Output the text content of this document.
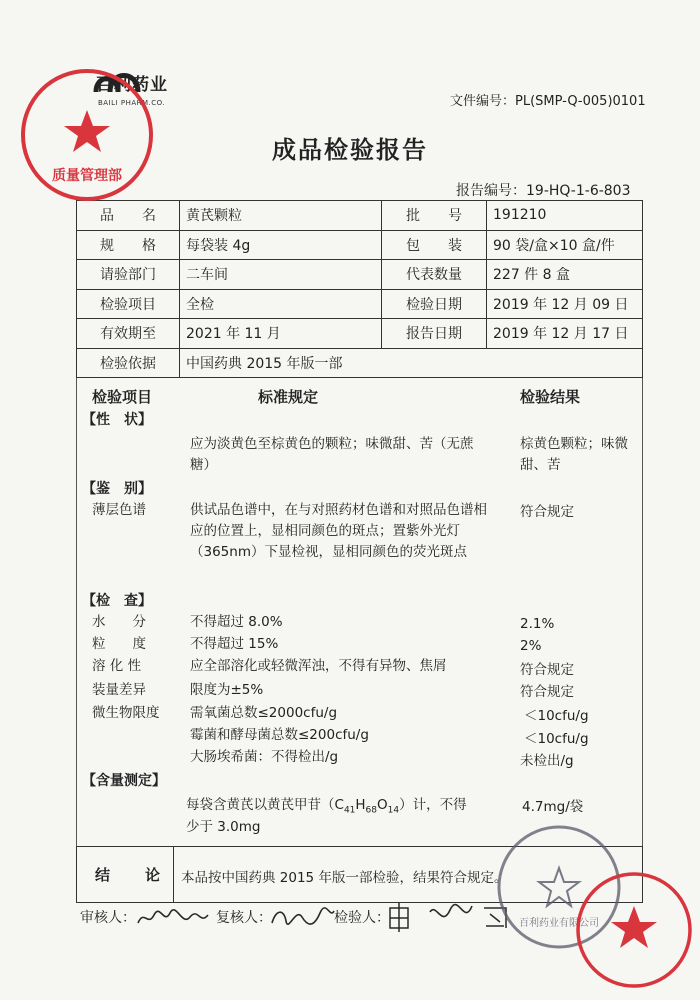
百利药业
BAILI PHARM.CO.	文件编号：PL(SMP-Q-005)0101
成品检验报告
报告编号：19-HQ-1-6-803
品　　名	黄芪颗粒	批　　号	191210
规　　格	每袋装 4g	包　　装	90 袋/盒×10 盒/件
请验部门	二车间	代表数量	227 件 8 盒
检验项目	全检	检验日期	2019 年 12 月 09 日
有效期至	2021 年 11 月	报告日期	2019 年 12 月 17 日
检验依据	中国药典 2015 年版一部		
检验项目	标准规定	检验结果
【性　状】
应为淡黄色至棕黄色的颗粒；味微甜、苦（无蔗糖）
棕黄色颗粒；味微甜、苦
【鉴　别】
薄层色谱	供试品色谱中，在与对照药材色谱和对照品色谱相应的位置上，显相同颜色的斑点；置紫外光灯（365nm）下显检视，显相同颜色的荧光斑点
符合规定
【检　查】
水　　分	不得超过 8.0%	2.1%
粒　　度	不得超过 15%	2%
溶 化 性	应全部溶化或轻微浑浊，不得有异物、焦屑	符合规定
装量差异	限度为±5%	符合规定
微生物限度 需氧菌总数≤2000cfu/g	＜10cfu/g
霉菌和酵母菌总数≤200cfu/g	＜10cfu/g
大肠埃希菌：不得检出/g	未检出/g
【含量测定】
每袋含黄芪以黄芪甲苷$(C_{41}H_{68}O_{14})$计，不得
少于 3.0mg
4.7mg/袋
结　论 本品按中国药典 2015 年版一部检验，结果符合规定。
审核人：	复核人：	检验人：
质量管理部
百利药业有限公司
